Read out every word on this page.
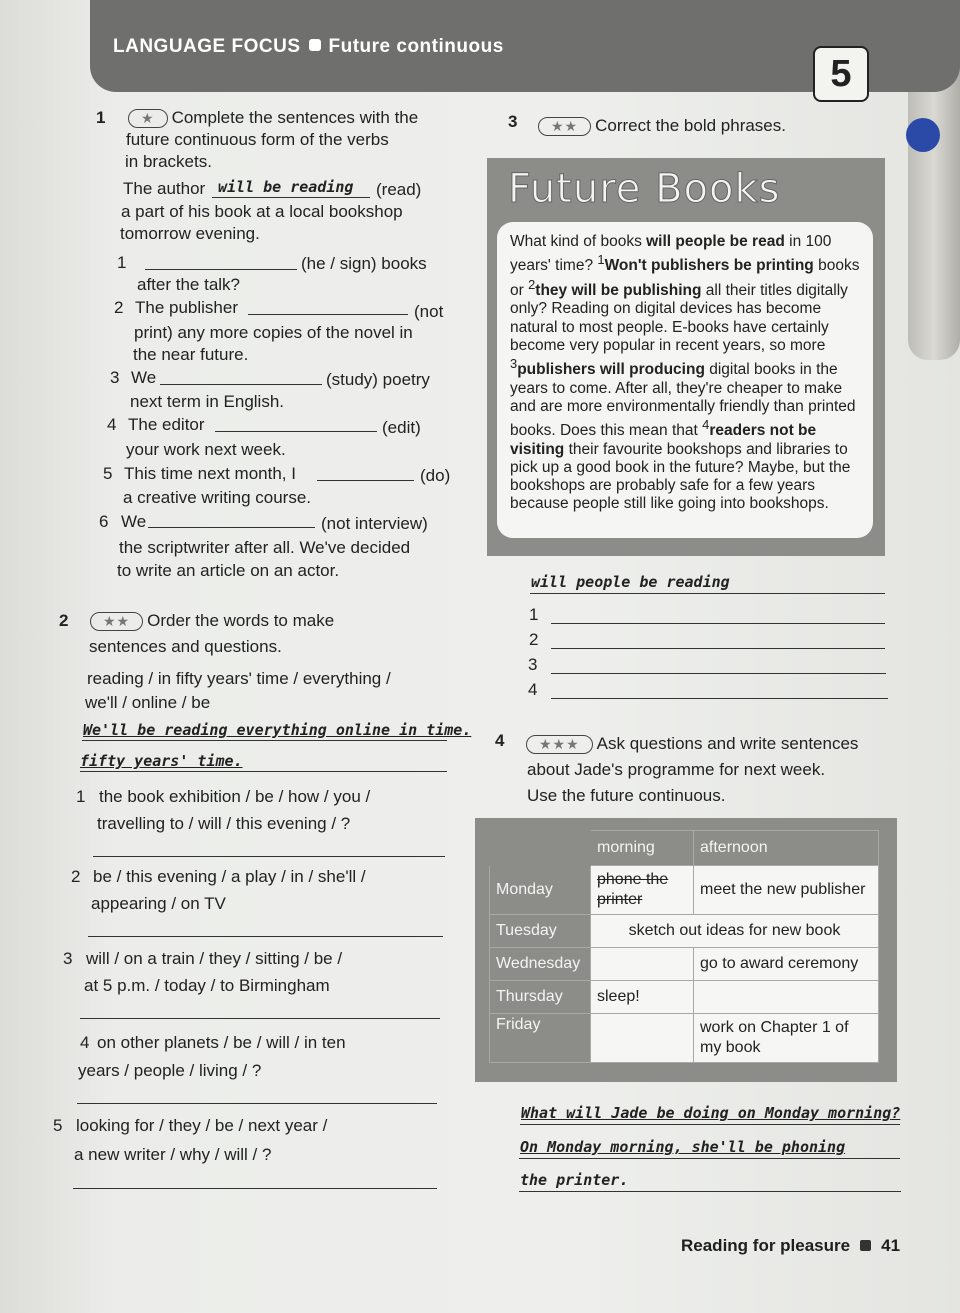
LANGUAGE FOCUS Future continuous
5
1	★ Complete the sentences with the
future continuous form of the verbs
in brackets.
The author will be reading (read)
a part of his book at a local bookshop
tomorrow evening.
1	(he / sign) books
after the talk?
2 The publisher	(not
print) any more copies of the novel in
the near future.
3 We	(study) poetry
next term in English.
4 The editor	(edit)
your work next week.
5 This time next month, I	(do)
a creative writing course.
6 We	(not interview)
the scriptwriter after all. We've decided
to write an article on an actor.
2	★★ Order the words to make
sentences and questions.
reading / in fifty years' time / everything /
we'll / online / be
We'll be reading everything online in time.
fifty years' time.
1 the book exhibition / be / how / you /
travelling to / will / this evening / ?
2 be / this evening / a play / in / she'll /
appearing / on TV
3 will / on a train / they / sitting / be /
at 5 p.m. / today / to Birmingham
4 on other planets / be / will / in ten
years / people / living / ?
5 looking for / they / be / next year /
a new writer / why / will / ?
3	★★ Correct the bold phrases.
Future Books
What kind of books will people be read in 100 years' time? $^1$Won't publishers be printing books or $^2$they will be publishing all their titles digitally only? Reading on digital devices has become natural to most people. E-books have certainly become very popular in recent years, so more $^3$publishers will producing digital books in the years to come. After all, they're cheaper to make and are more environmentally friendly than printed books. Does this mean that $^4$readers not be visiting their favourite bookshops and libraries to pick up a good book in the future? Maybe, but the bookshops are probably safe for a few years because people still like going into bookshops.
will people be reading
1
2
3
4
4	★★★ Ask questions and write sentences
about Jade's programme for next week.
Use the future continuous.
	morning	afternoon
Monday	phone the printer	meet the new publisher
Tuesday	sketch out ideas for new book	
Wednesday		go to award ceremony
Thursday	sleep!	
Friday		work on Chapter 1 of my book
What will Jade be doing on Monday morning?
On Monday morning, she'll be phoning
the printer.
Reading for pleasure 41
